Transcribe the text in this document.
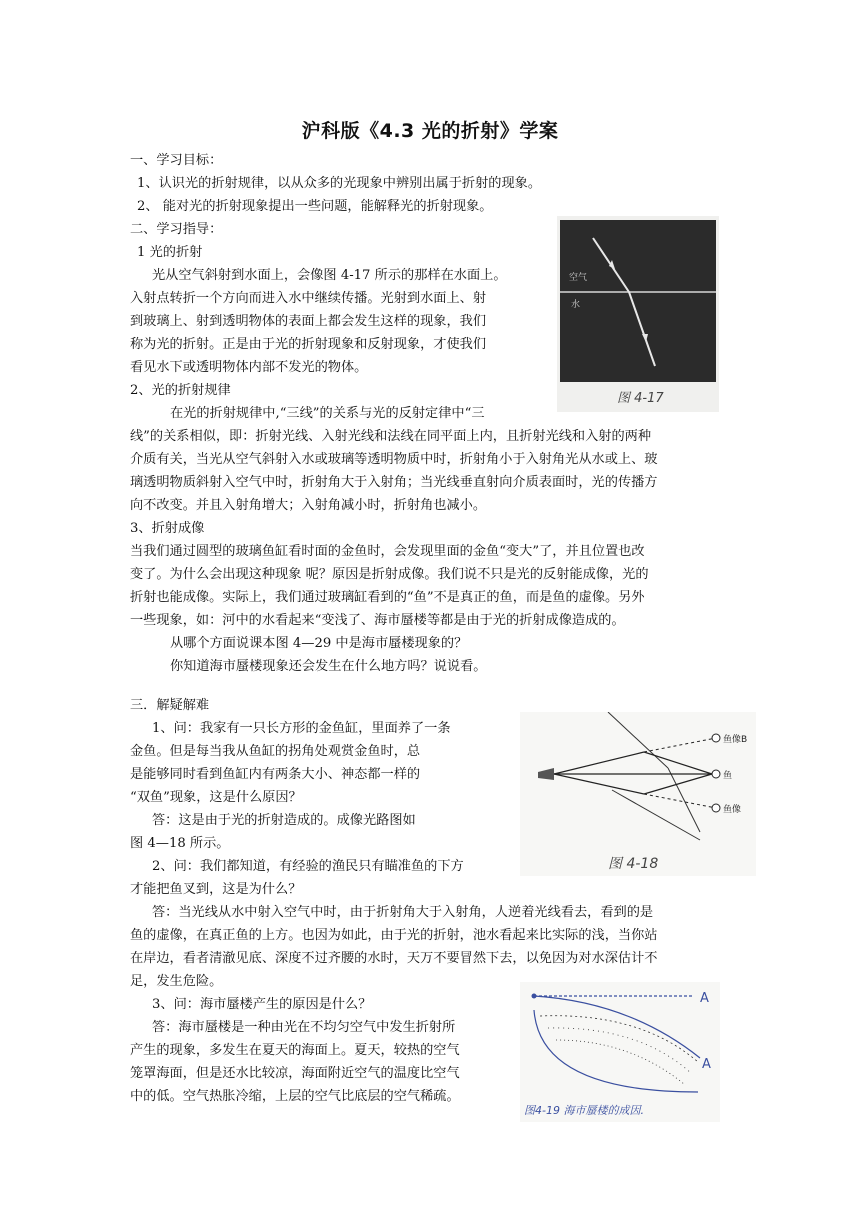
沪科版《4.3 光的折射》学案
一、学习目标：
1、认识光的折射规律，以从众多的光现象中辨别出属于折射的现象。
2、 能对光的折射现象提出一些问题，能解释光的折射现象。
二、学习指导：
1 光的折射
光从空气斜射到水面上，会像图 4-17 所示的那样在水面上。
入射点转折一个方向而进入水中继续传播。光射到水面上、射
到玻璃上、射到透明物体的表面上都会发生这样的现象，我们
称为光的折射。正是由于光的折射现象和反射现象，才使我们
看见水下或透明物体内部不发光的物体。
2、光的折射规律
在光的折射规律中,“三线”的关系与光的反射定律中“三
线”的关系相似，即：折射光线、入射光线和法线在同平面上内，且折射光线和入射的两种
介质有关，当光从空气斜射入水或玻璃等透明物质中时，折射角小于入射角光从水或上、玻
璃透明物质斜射入空气中时，折射角大于入射角；当光线垂直射向介质表面时，光的传播方
向不改变。并且入射角增大；入射角减小时，折射角也减小。
3、折射成像
当我们通过圆型的玻璃鱼缸看时面的金鱼时，会发现里面的金鱼“变大”了，并且位置也改
变了。为什么会出现这种现象 呢？原因是折射成像。我们说不只是光的反射能成像，光的
折射也能成像。实际上，我们通过玻璃缸看到的“鱼”不是真正的鱼，而是鱼的虚像。另外
一些现象，如：河中的水看起来“变浅了、海市蜃楼等都是由于光的折射成像造成的。
从哪个方面说课本图 4—29 中是海市蜃楼现象的？
你知道海市蜃楼现象还会发生在什么地方吗？说说看。
三．解疑解难
1、问：我家有一只长方形的金鱼缸，里面养了一条
金鱼。但是每当我从鱼缸的拐角处观赏金鱼时，总
是能够同时看到鱼缸内有两条大小、神态都一样的
“双鱼”现象，这是什么原因？
答：这是由于光的折射造成的。成像光路图如
图 4—18 所示。
2、问：我们都知道，有经验的渔民只有瞄准鱼的下方
才能把鱼叉到，这是为什么？
答：当光线从水中射入空气中时，由于折射角大于入射角，人逆着光线看去，看到的是
鱼的虚像，在真正鱼的上方。也因为如此，由于光的折射，池水看起来比实际的浅，当你站
在岸边，看者清澈见底、深度不过齐腰的水时，天万不要冒然下去，以免因为对水深估计不
足，发生危险。
3、问：海市蜃楼产生的原因是什么？
答：海市蜃楼是一种由光在不均匀空气中发生折射所
产生的现象，多发生在夏天的海面上。夏天，较热的空气
笼罩海面，但是还水比较凉，海面附近空气的温度比空气
中的低。空气热胀冷缩，上层的空气比底层的空气稀疏。
空气
水
图 4-17
鱼像B
鱼
鱼像
图 4-18
A
A
图4-19 海市蜃楼的成因.
